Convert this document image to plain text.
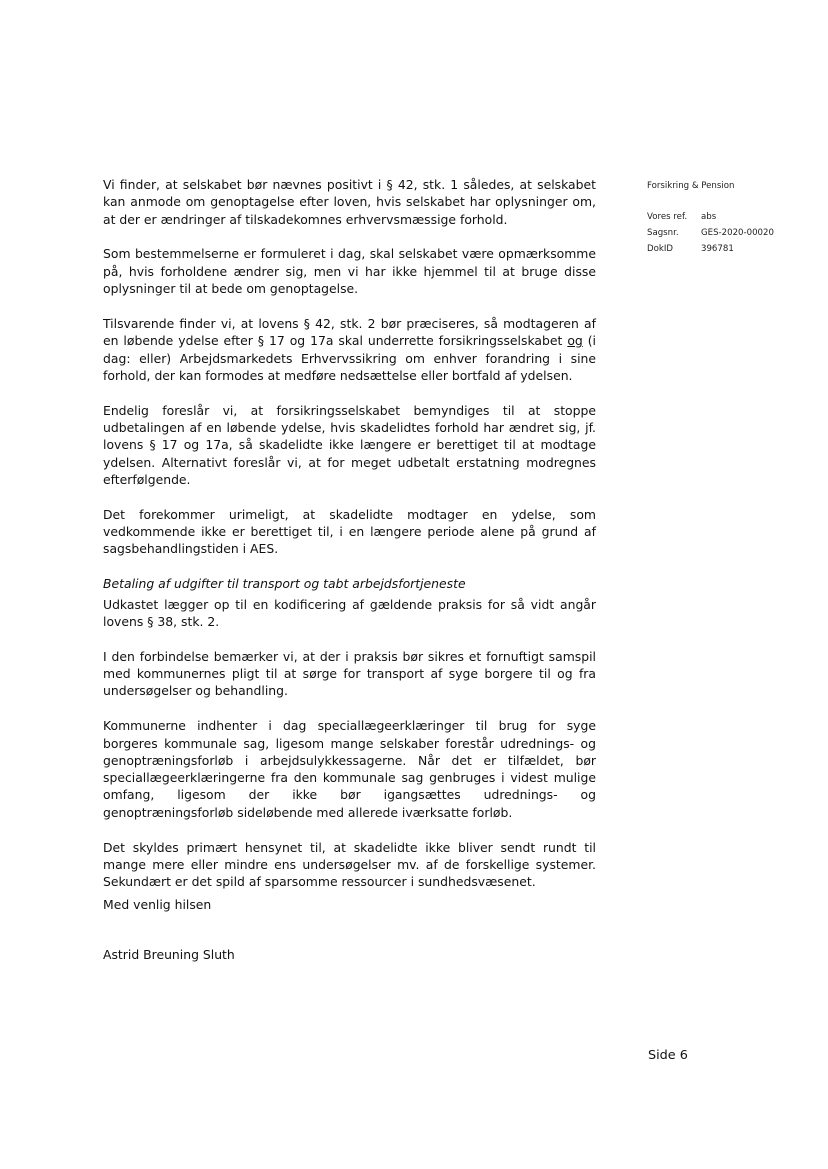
Forsikring & Pension
Vores ref.	abs
Sagsnr.	GES-2020-00020
DokID	396781

Vi finder, at selskabet bør nævnes positivt i § 42, stk. 1 således, at selskabet kan anmode om genoptagelse efter loven, hvis selskabet har oplysninger om, at der er ændringer af tilskadekomnes erhvervsmæssige forhold.

Som bestemmelserne er formuleret i dag, skal selskabet være opmærksomme på, hvis forholdene ændrer sig, men vi har ikke hjemmel til at bruge disse oplysninger til at bede om genoptagelse.

Tilsvarende finder vi, at lovens § 42, stk. 2 bør præciseres, så modtageren af en løbende ydelse efter § 17 og 17a skal underrette forsikringsselskabet og (i dag: eller) Arbejdsmarkedets Erhvervssikring om enhver forandring i sine forhold, der kan formodes at medføre nedsættelse eller bortfald af ydelsen.

Endelig foreslår vi, at forsikringsselskabet bemyndiges til at stoppe udbetalingen af en løbende ydelse, hvis skadelidtes forhold har ændret sig, jf. lovens § 17 og 17a, så skadelidte ikke længere er berettiget til at modtage ydelsen. Alternativt foreslår vi, at for meget udbetalt erstatning modregnes efterfølgende.

Det forekommer urimeligt, at skadelidte modtager en ydelse, som vedkommende ikke er berettiget til, i en længere periode alene på grund af sagsbehandlingstiden i AES.

Betaling af udgifter til transport og tabt arbejdsfortjeneste

Udkastet lægger op til en kodificering af gældende praksis for så vidt angår lovens § 38, stk. 2.

I den forbindelse bemærker vi, at der i praksis bør sikres et fornuftigt samspil med kommunernes pligt til at sørge for transport af syge borgere til og fra undersøgelser og behandling.

Kommunerne indhenter i dag speciallægeerklæringer til brug for syge borgeres kommunale sag, ligesom mange selskaber forestår udrednings- og genoptræningsforløb i arbejdsulykkessagerne. Når det er tilfældet, bør speciallægeerklæringerne fra den kommunale sag genbruges i videst mulige omfang, ligesom der ikke bør igangsættes udrednings- og genoptræningsforløb sideløbende med allerede iværksatte forløb.

Det skyldes primært hensynet til, at skadelidte ikke bliver sendt rundt til mange mere eller mindre ens undersøgelser mv. af de forskellige systemer. Sekundært er det spild af sparsomme ressourcer i sundhedsvæsenet.

Med venlig hilsen
Astrid Breuning Sluth
Side 6
